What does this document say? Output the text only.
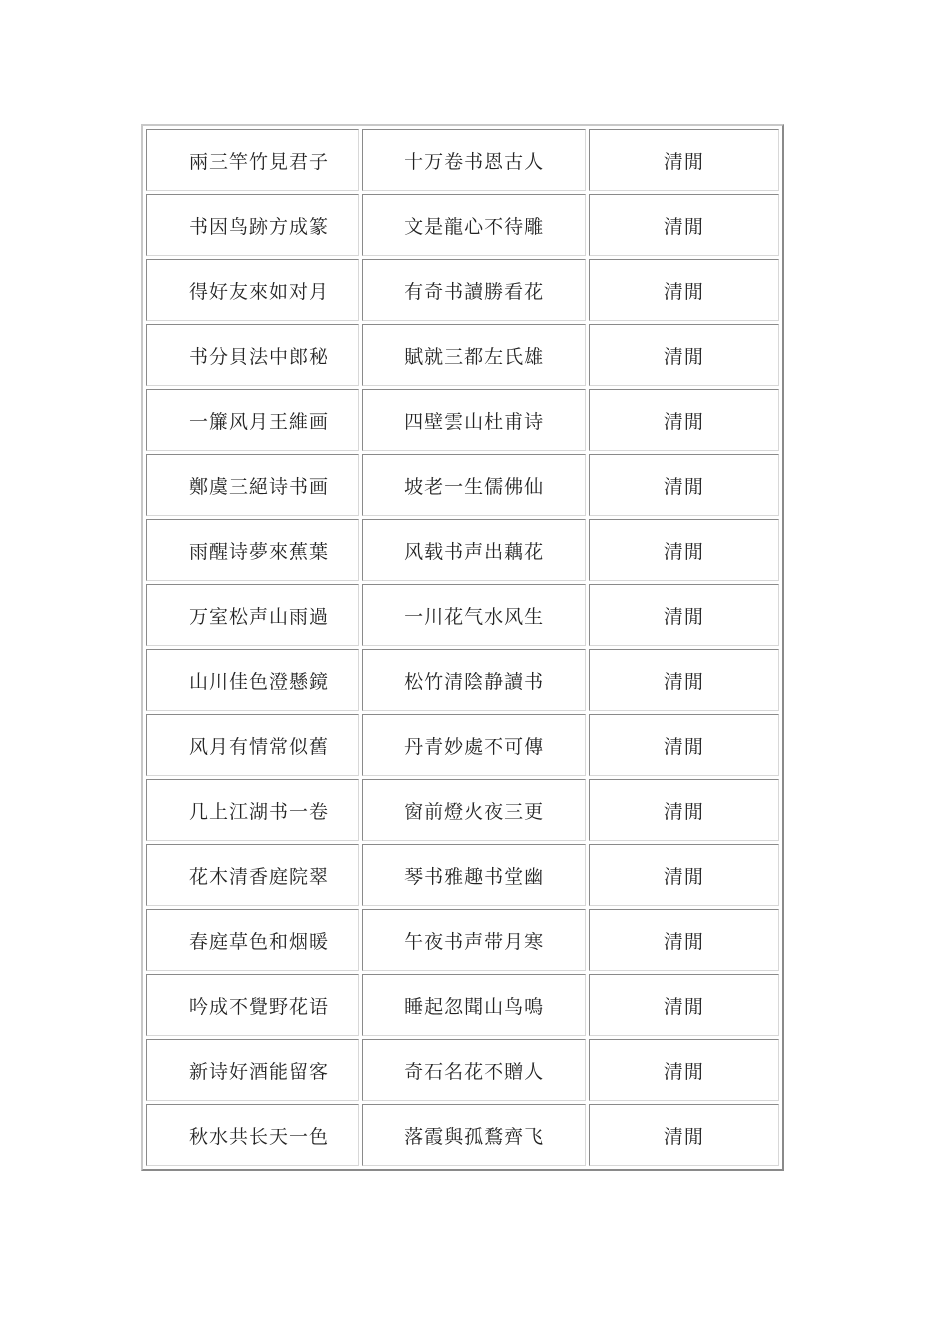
兩三竿竹見君子	十万卷书恩古人	清閒
书因鸟跡方成篆	文是龍心不待雕	清閒
得好友來如对月	有奇书讀勝看花	清閒
书分貝法中郎秘	賦就三都左氏雄	清閒
一簾风月王維画	四壁雲山杜甫诗	清閒
鄭虞三絕诗书画	坡老一生儒佛仙	清閒
雨醒诗夢來蕉葉	风载书声出藕花	清閒
万室松声山雨過	一川花气水风生	清閒
山川佳色澄懸鏡	松竹清陰静讀书	清閒
风月有情常似舊	丹青妙處不可傳	清閒
几上江湖书一卷	窗前燈火夜三更	清閒
花木清香庭院翠	琴书雅趣书堂幽	清閒
春庭草色和烟暖	午夜书声带月寒	清閒
吟成不覺野花语	睡起忽聞山鸟鳴	清閒
新诗好酒能留客	奇石名花不贈人	清閒
秋水共长天一色	落霞與孤鶩齊飞	清閒
